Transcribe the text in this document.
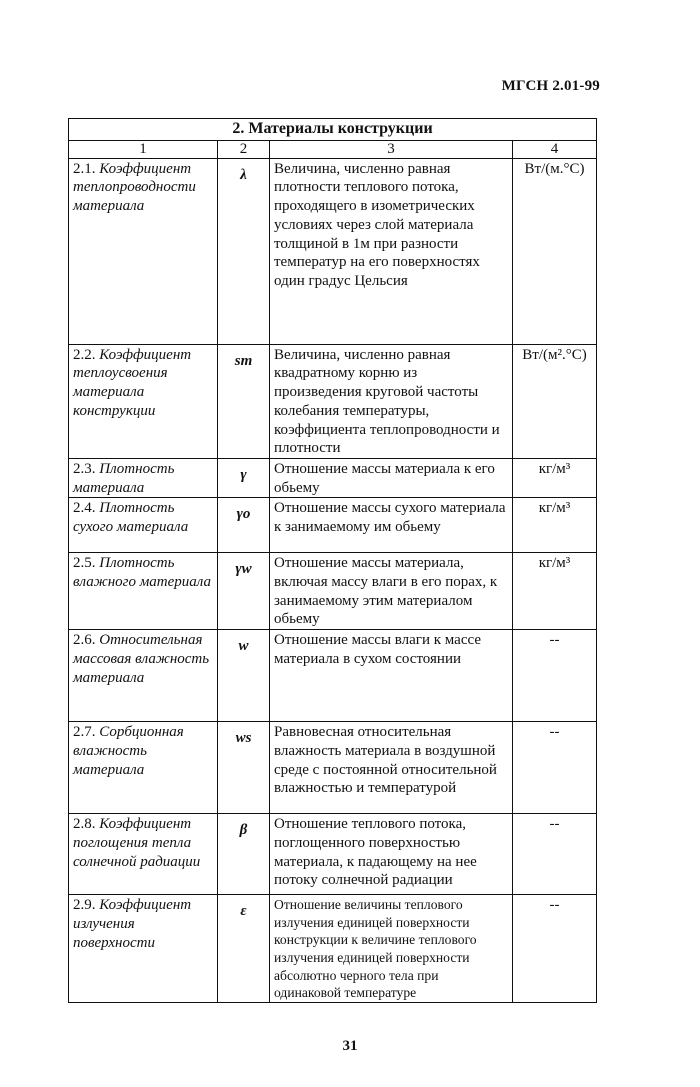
МГСН 2.01-99
2. Материалы конструкции			
1	2	3	4
2.1. Коэффициент теплопроводности материала	λ	Величина, численно равная плотности теплового потока, проходящего в изометрических условиях через слой материала толщиной в 1м при разности температур на его поверхностях один градус Цельсия	Вт/(м.°С)
2.2. Коэффициент теплоусвоения материала конструкции	sm	Величина, численно равная квадратному корню из произведения круговой частоты колебания температуры, коэффициента теплопроводности и плотности	Вт/(м².°С)
2.3. Плотность материала	γ	Отношение массы материала к его обьему	кг/м³
2.4. Плотность сухого материала	γo	Отношение массы сухого материала к занимаемому им обьему	кг/м³
2.5. Плотность влажного материала	γw	Отношение массы материала, включая массу влаги в его порах, к занимаемому этим материалом обьему	кг/м³
2.6. Относительная массовая влажность материала	w	Отношение массы влаги к массе материала в сухом состоянии	--
2.7. Сорбционная влажность материала	ws	Равновесная относительная влажность материала в воздушной среде с постоянной относительной влажностью и температурой	--
2.8. Коэффициент поглощения тепла солнечной радиации	β	Отношение теплового потока, поглощенного поверхностью материала, к падающему на нее потоку солнечной радиации	--
2.9. Коэффициент излучения поверхности	ε	Отношение величины теплового излучения единицей поверхности конструкции к величине теплового излучения единицей поверхности абсолютно черного тела при одинаковой температуре	--
31
